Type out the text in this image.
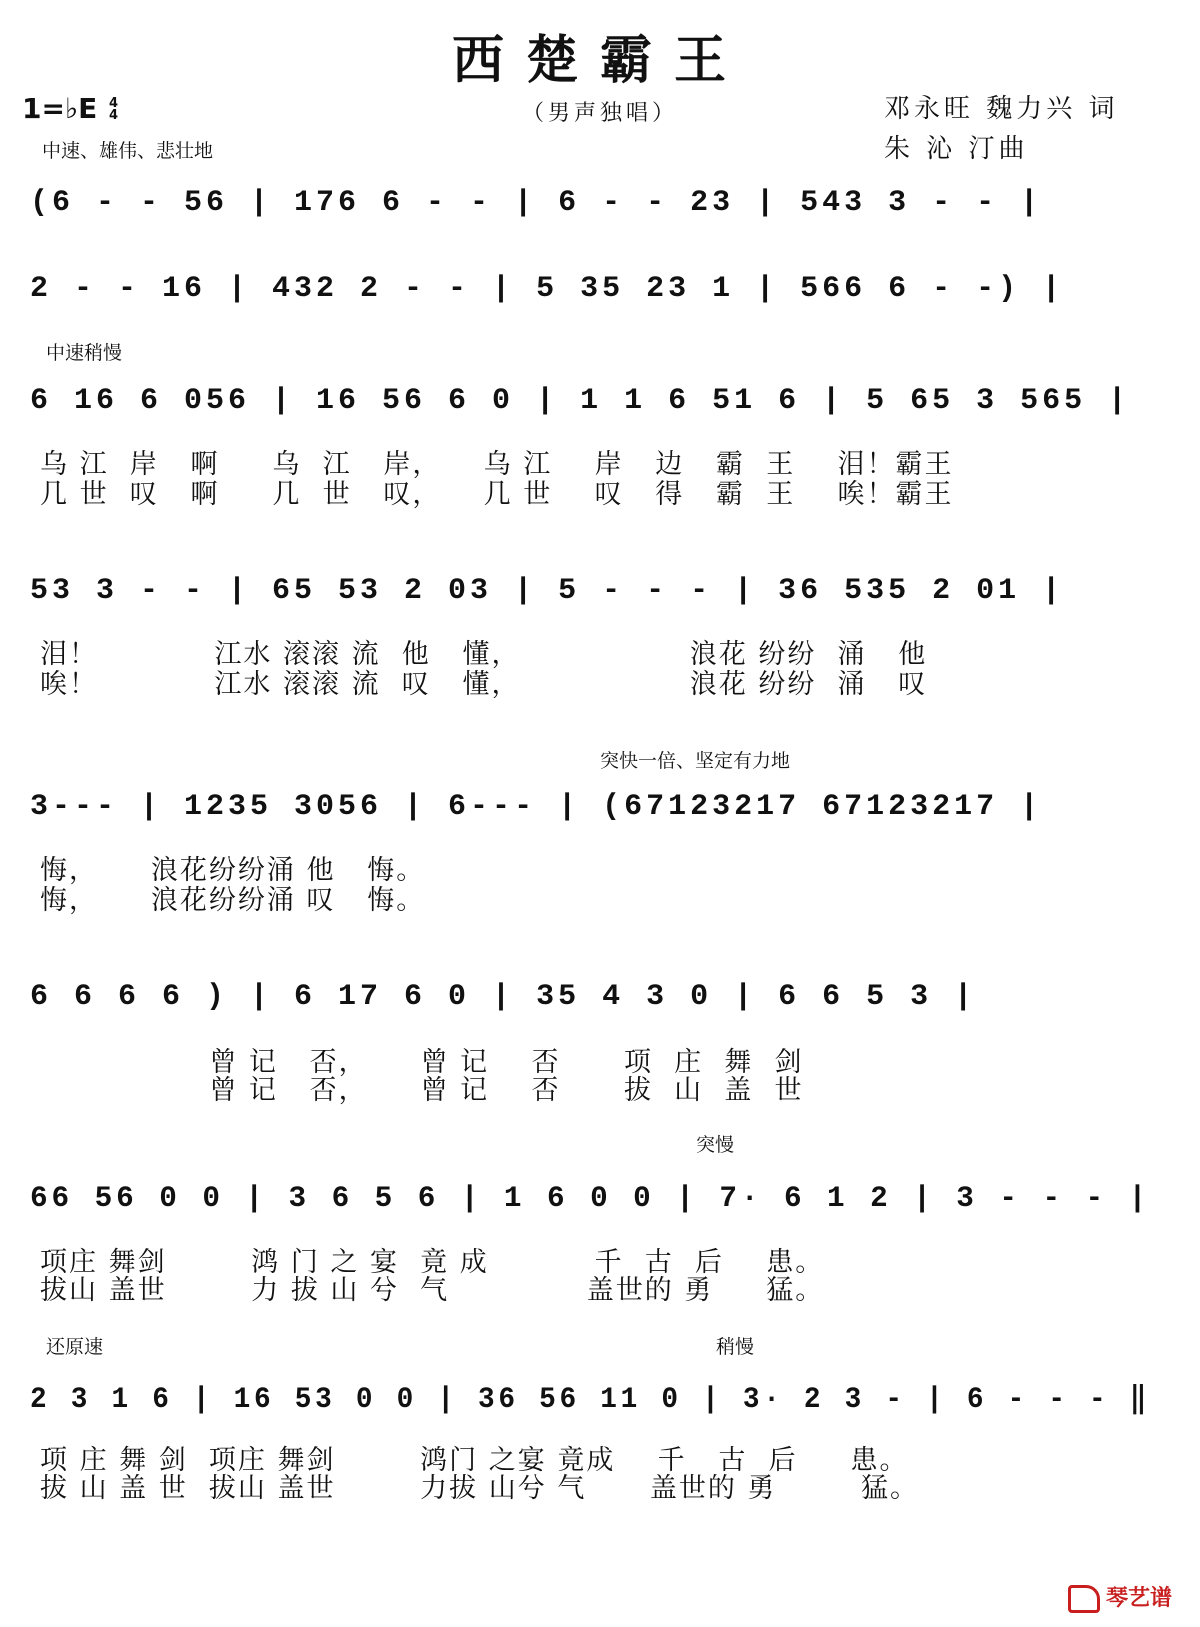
西楚霸王
1=♭E 4
4	（男声独唱）	邓永旺 魏力兴 词
朱 沁 汀曲
中速、雄伟、悲壮地
中速稍慢
突快一倍、坚定有力地
突慢
还原速	稍慢
(6 - - 56 | 176 6 - - | 6 - - 23 | 543 3 - - |
2 - - 16 | 432 2 - - | 5 35 23 1 | 566 6 - -) |
6 16 6 056 | 16 56 6 0 | 1 1 6 51 6 | 5 65 3 565 |
乌 江  岸   啊     乌  江   岸，    乌 江    岸   边   霸  王    泪！霸王
几 世  叹   啊     几  世   叹，    几 世    叹   得   霸  王    唉！霸王
53 3 - - | 65 53 2 03 | 5 - - - | 36 535 2 01 |
泪！           江水 滚滚 流  他   懂，                浪花 纷纷  涌   他
唉！           江水 滚滚 流  叹   懂，                浪花 纷纷  涌   叹
3--- | 1235 3056 | 6--- | (67123217 67123217 |
悔，     浪花纷纷涌 他   悔。
悔，     浪花纷纷涌 叹   悔。
6 6 6 6 ) | 6 17 6 0 | 35 4 3 0 | 6 6 5 3 |
曾 记   否，     曾 记    否      项  庄  舞  剑
曾 记   否，     曾 记    否      拔  山  盖  世
66 56 0 0 | 3 6 5 6 | 1 6 0 0 | 7· 6 1 2 | 3 - - - |
项庄 舞剑        鸿 门 之 宴  竟 成          千  古  后    患。
拔山 盖世        力 拔 山 兮  气             盖世的 勇     猛。
2 3 1 6 | 16 53 0 0 | 36 56 11 0 | 3· 2 3 - | 6 - - - ‖
项 庄 舞 剑  项庄 舞剑        鸿门 之宴 竟成    千   古  后     患。
拔 山 盖 世  拔山 盖世        力拔 山兮 气      盖世的 勇        猛。
琴艺谱
